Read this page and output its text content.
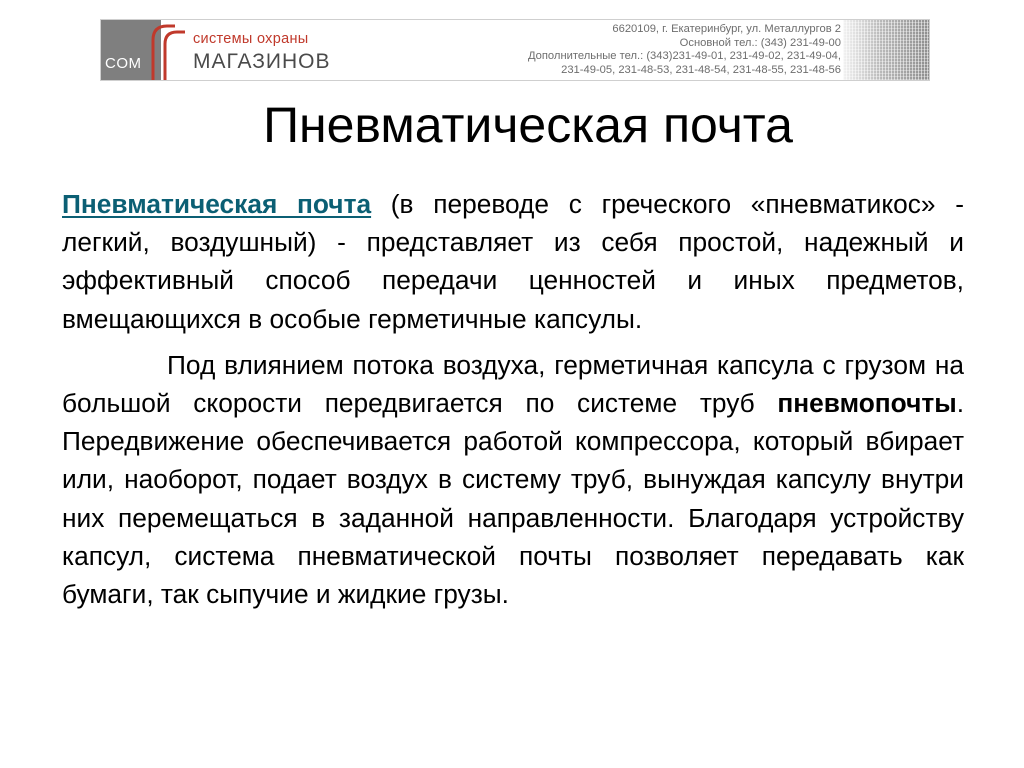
COM
системы охраны
МАГАЗИНОВ
6620109, г. Екатеринбург, ул. Металлургов 2
Основной тел.: (343) 231-49-00
Дополнительные тел.: (343)231-49-01, 231-49-02, 231-49-04,
231-49-05, 231-48-53, 231-48-54, 231-48-55, 231-48-56
Пневматическая почта

Пневматическая почта (в переводе с греческого «пневматикос» - легкий, воздушный) - представляет из себя простой, надежный и эффективный способ передачи ценностей и иных предметов, вмещающихся в особые герметичные капсулы.

Под влиянием потока воздуха, герметичная капсула с грузом на большой скорости передвигается по системе труб пневмопочты. Передвижение обеспечивается работой компрессора, который вбирает или, наоборот, подает воздух в систему труб, вынуждая капсулу внутри них перемещаться в заданной направленности. Благодаря устройству капсул, система пневматической почты позволяет передавать как бумаги, так сыпучие и жидкие грузы.
